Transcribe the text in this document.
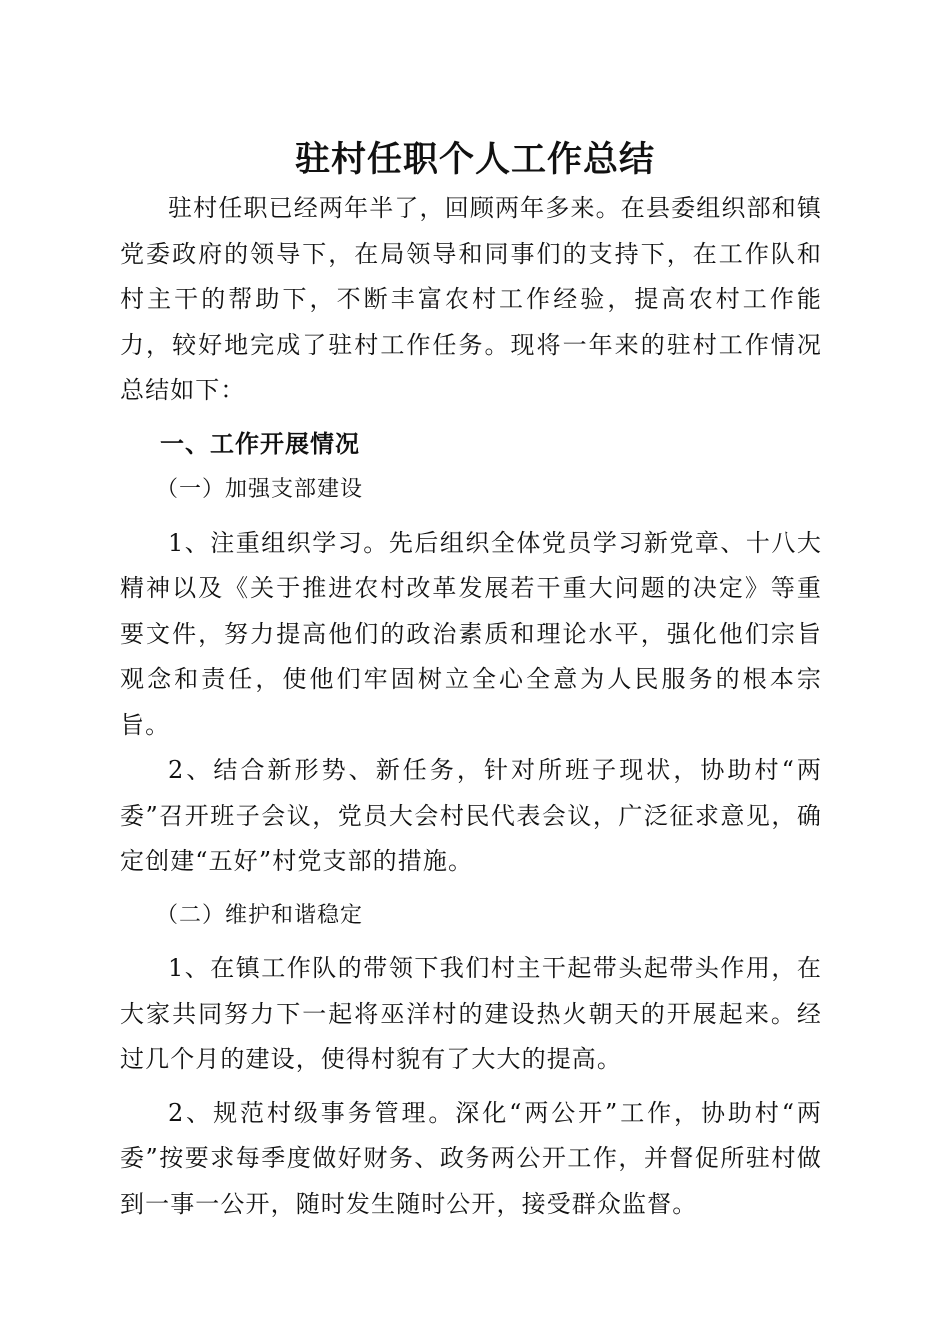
驻村任职个人工作总结

驻村任职已经两年半了，回顾两年多来。在县委组织部和镇党委政府的领导下，在局领导和同事们的支持下，在工作队和村主干的帮助下，不断丰富农村工作经验，提高农村工作能力，较好地完成了驻村工作任务。现将一年来的驻村工作情况总结如下：

一、工作开展情况

（一）加强支部建设

1、注重组织学习。先后组织全体党员学习新党章、十八大精神以及《关于推进农村改革发展若干重大问题的决定》等重要文件，努力提高他们的政治素质和理论水平，强化他们宗旨观念和责任，使他们牢固树立全心全意为人民服务的根本宗旨。

2、结合新形势、新任务，针对所班子现状，协助村“两委”召开班子会议，党员大会村民代表会议，广泛征求意见，确定创建“五好”村党支部的措施。

（二）维护和谐稳定

1、在镇工作队的带领下我们村主干起带头起带头作用，在大家共同努力下一起将巫洋村的建设热火朝天的开展起来。经过几个月的建设，使得村貌有了大大的提高。

2、规范村级事务管理。深化“两公开”工作，协助村“两委”按要求每季度做好财务、政务两公开工作，并督促所驻村做到一事一公开，随时发生随时公开，接受群众监督。
